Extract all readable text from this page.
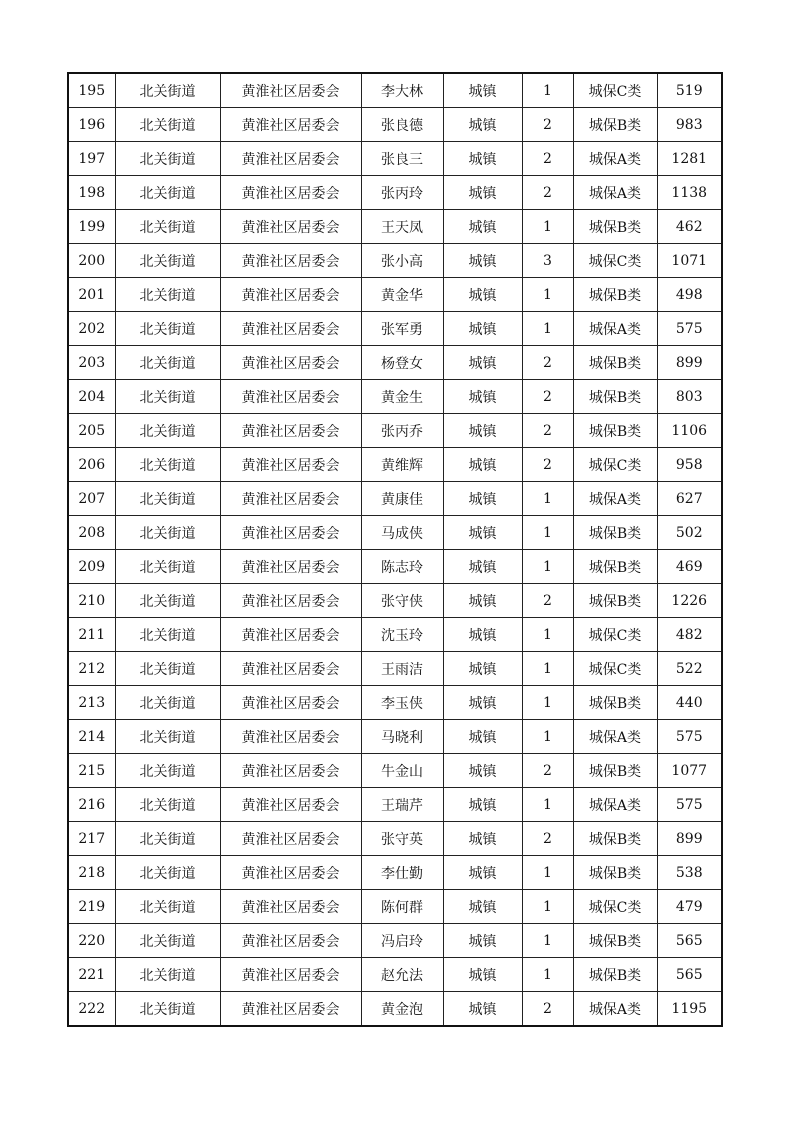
195	北关街道	黄淮社区居委会	李大林	城镇	1	城保C类	519
196	北关街道	黄淮社区居委会	张良德	城镇	2	城保B类	983
197	北关街道	黄淮社区居委会	张良三	城镇	2	城保A类	1281
198	北关街道	黄淮社区居委会	张丙玲	城镇	2	城保A类	1138
199	北关街道	黄淮社区居委会	王天凤	城镇	1	城保B类	462
200	北关街道	黄淮社区居委会	张小高	城镇	3	城保C类	1071
201	北关街道	黄淮社区居委会	黄金华	城镇	1	城保B类	498
202	北关街道	黄淮社区居委会	张军勇	城镇	1	城保A类	575
203	北关街道	黄淮社区居委会	杨登女	城镇	2	城保B类	899
204	北关街道	黄淮社区居委会	黄金生	城镇	2	城保B类	803
205	北关街道	黄淮社区居委会	张丙乔	城镇	2	城保B类	1106
206	北关街道	黄淮社区居委会	黄维辉	城镇	2	城保C类	958
207	北关街道	黄淮社区居委会	黄康佳	城镇	1	城保A类	627
208	北关街道	黄淮社区居委会	马成侠	城镇	1	城保B类	502
209	北关街道	黄淮社区居委会	陈志玲	城镇	1	城保B类	469
210	北关街道	黄淮社区居委会	张守侠	城镇	2	城保B类	1226
211	北关街道	黄淮社区居委会	沈玉玲	城镇	1	城保C类	482
212	北关街道	黄淮社区居委会	王雨洁	城镇	1	城保C类	522
213	北关街道	黄淮社区居委会	李玉侠	城镇	1	城保B类	440
214	北关街道	黄淮社区居委会	马晓利	城镇	1	城保A类	575
215	北关街道	黄淮社区居委会	牛金山	城镇	2	城保B类	1077
216	北关街道	黄淮社区居委会	王瑞芹	城镇	1	城保A类	575
217	北关街道	黄淮社区居委会	张守英	城镇	2	城保B类	899
218	北关街道	黄淮社区居委会	李仕勤	城镇	1	城保B类	538
219	北关街道	黄淮社区居委会	陈何群	城镇	1	城保C类	479
220	北关街道	黄淮社区居委会	冯启玲	城镇	1	城保B类	565
221	北关街道	黄淮社区居委会	赵允法	城镇	1	城保B类	565
222	北关街道	黄淮社区居委会	黄金泡	城镇	2	城保A类	1195
